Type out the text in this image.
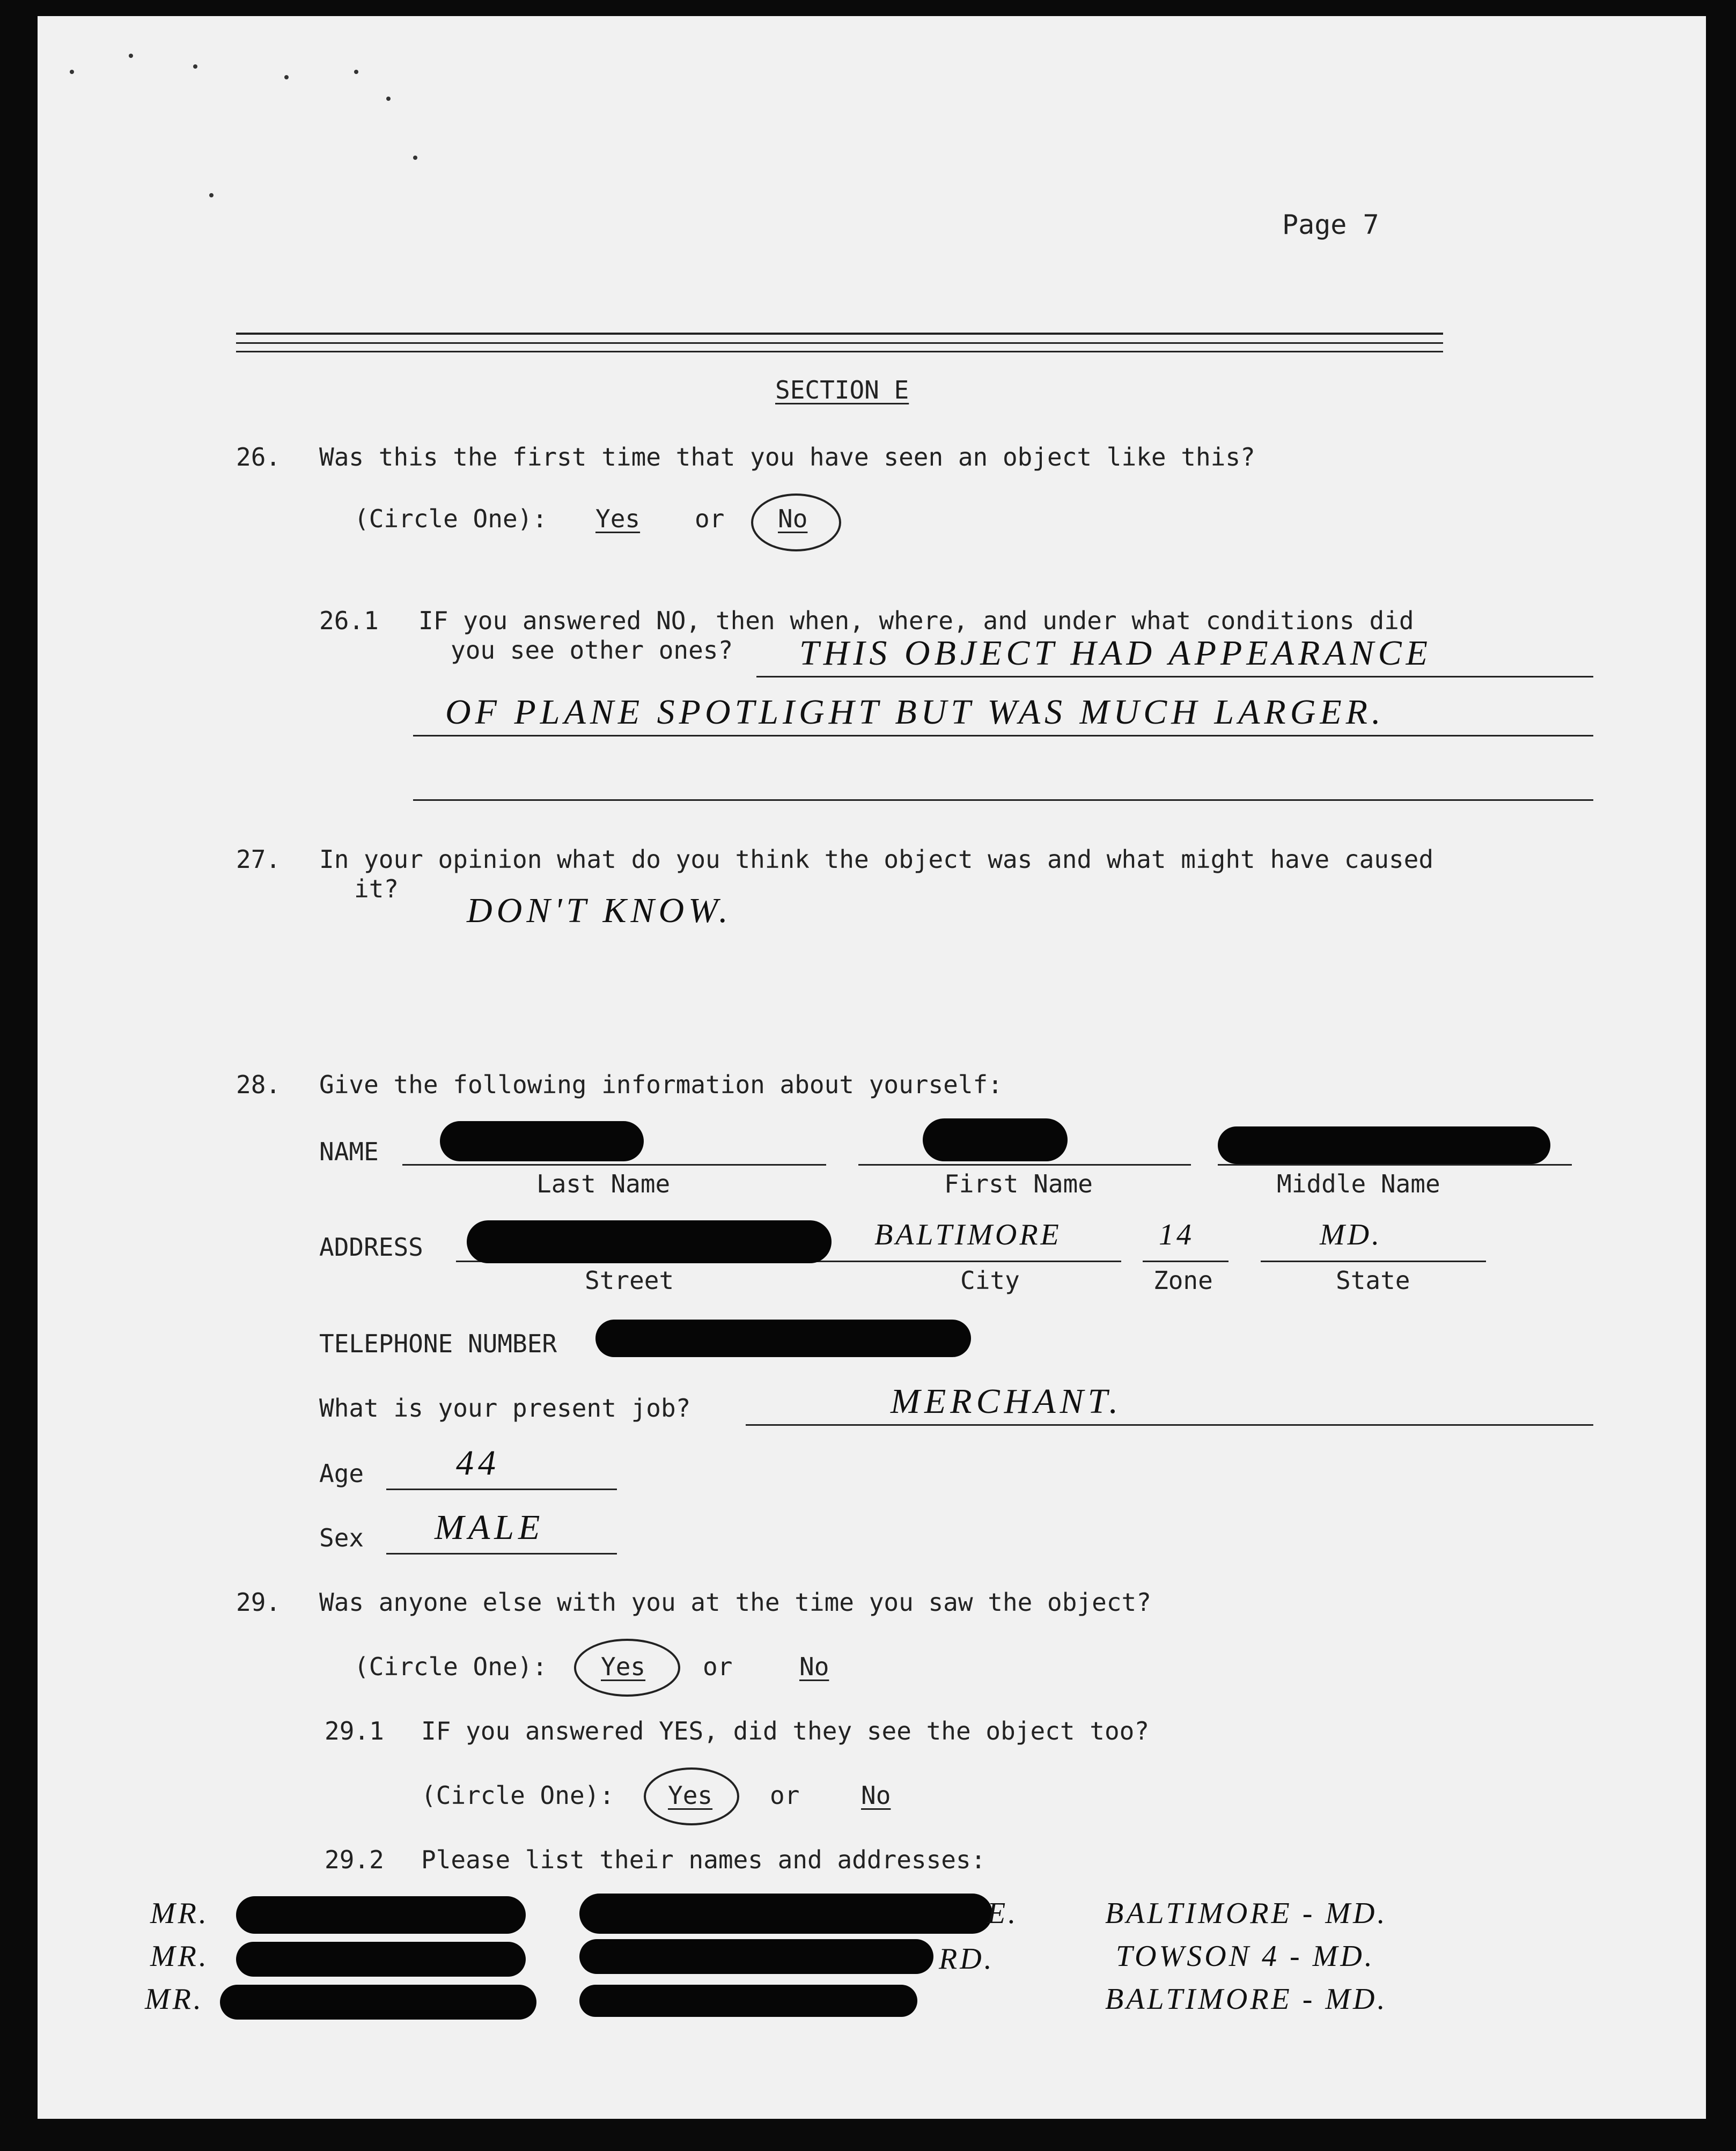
Page 7
SECTION E
26. Was this the first time that you have seen an object like this?
(Circle One): Yes or No
26.1 IF you answered NO, then when, where, and under what conditions did
you see other ones? THIS OBJECT HAD APPEARANCE
OF PLANE SPOTLIGHT BUT WAS MUCH LARGER.
27. In your opinion what do you think the object was and what might have caused
it?
DON'T KNOW.
28. Give the following information about yourself:
NAME
Last Name	First Name	Middle Name
ADDRESS	BALTIMORE	14	MD.
Street	City	Zone	State
TELEPHONE NUMBER
What is your present job?	MERCHANT.
Age	44
Sex MALE
29. Was anyone else with you at the time you saw the object?
(Circle One): Yes or	No
29.1 IF you answered YES, did they see the object too?
(Circle One): Yes or No
29.2 Please list their names and addresses:
MR.	E.	BALTIMORE - MD.
MR.	RD.	TOWSON 4 - MD.
MR.	BALTIMORE - MD.
